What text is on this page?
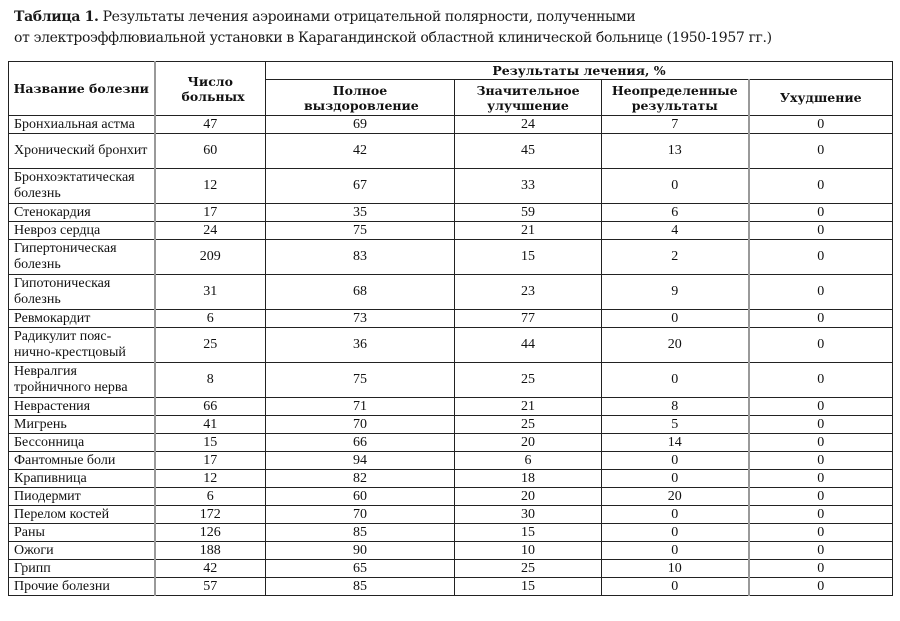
Таблица 1. Результаты лечения аэроинами отрицательной полярности, полученными
от электроэффлювиальной установки в Карагандинской областной клинической больнице (1950-1957 гг.)
Название болезни	Число больных	Результаты лечения, %			
		Полное выздоровление	Значительное улучшение	Неопределенные результаты	Ухудшение
Бронхиальная астма	47	69	24	7	0
Хронический бронхит	60	42	45	13	0
Бронхоэктатическая болезнь	12	67	33	0	0
Стенокардия	17	35	59	6	0
Невроз сердца	24	75	21	4	0
Гипертоническая болезнь	209	83	15	2	0
Гипотоническая болезнь	31	68	23	9	0
Ревмокардит	6	73	77	0	0
Радикулит пояс-нично-крестцовый	25	36	44	20	0
Невралгия тройничного нерва	8	75	25	0	0
Неврастения	66	71	21	8	0
Мигрень	41	70	25	5	0
Бессонница	15	66	20	14	0
Фантомные боли	17	94	6	0	0
Крапивница	12	82	18	0	0
Пиодермит	6	60	20	20	0
Перелом костей	172	70	30	0	0
Раны	126	85	15	0	0
Ожоги	188	90	10	0	0
Грипп	42	65	25	10	0
Прочие болезни	57	85	15	0	0
